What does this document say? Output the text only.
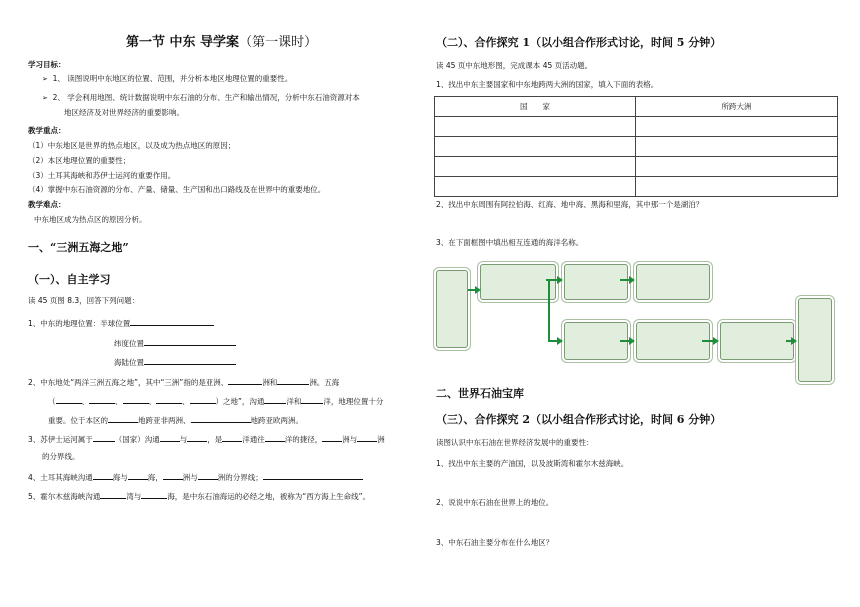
第一节 中东 导学案（第一课时）
学习目标：
➢ 1、 读图说明中东地区的位置、范围，并分析本地区地理位置的重要性。
➢ 2、 学会利用地图、统计数据说明中东石油的分布、生产和输出情况，分析中东石油资源对本
地区经济及对世界经济的重要影响。
教学重点：
（1）中东地区是世界的热点地区，以及成为热点地区的原因；
（2）本区地理位置的重要性；
（3）土耳其海峡和苏伊士运河的重要作用。
（4）掌握中东石油资源的分布、产量、储量、生产国和出口路线及在世界中的重要地位。
教学难点：
中东地区成为热点区的原因分析。
一、“三洲五海之地”
（一）、自主学习
读 45 页图 8.3，回答下列问题：
1、中东的地理位置：半球位置
纬度位置
海陆位置
2、中东地处“两洋三洲五海之地”，其中“三洲”指的是亚洲、	洲和	洲。五海
（	、	、	、	、	）之地”，沟通	洋和	洋，地理位置十分
重要。位于本区的	地跨亚非两洲、	地跨亚欧两洲。
3、苏伊士运河属于	（国家）沟通	与	，是	洋通往	洋的捷径，	洲与	洲
的分界线。
4、土耳其海峡沟通	海与	海，	洲与	洲的分界线；
5、霍尔木兹海峡沟通	湾与	海，是中东石油海运的必经之地，被称为“西方海上生命线”。
（二）、合作探究 1（以小组合作形式讨论，时间 5 分钟）
读 45 页中东地形图，完成课本 45 页活动题。
1、找出中东主要国家和中东地跨两大洲的国家，填入下面的表格。
国　　家	所跨大洲

2、找出中东周围有阿拉伯海、红海、地中海、黑海和里海，其中那一个是湖泊？
3、在下面框图中填出相互连通的海洋名称。
二、世界石油宝库
（三）、合作探究 2（以小组合作形式讨论，时间 6 分钟）
读图认识中东石油在世界经济发展中的重要性：
1、找出中东主要的产油国，以及波斯湾和霍尔木兹海峡。
2、说说中东石油在世界上的地位。
3、中东石油主要分布在什么地区？
